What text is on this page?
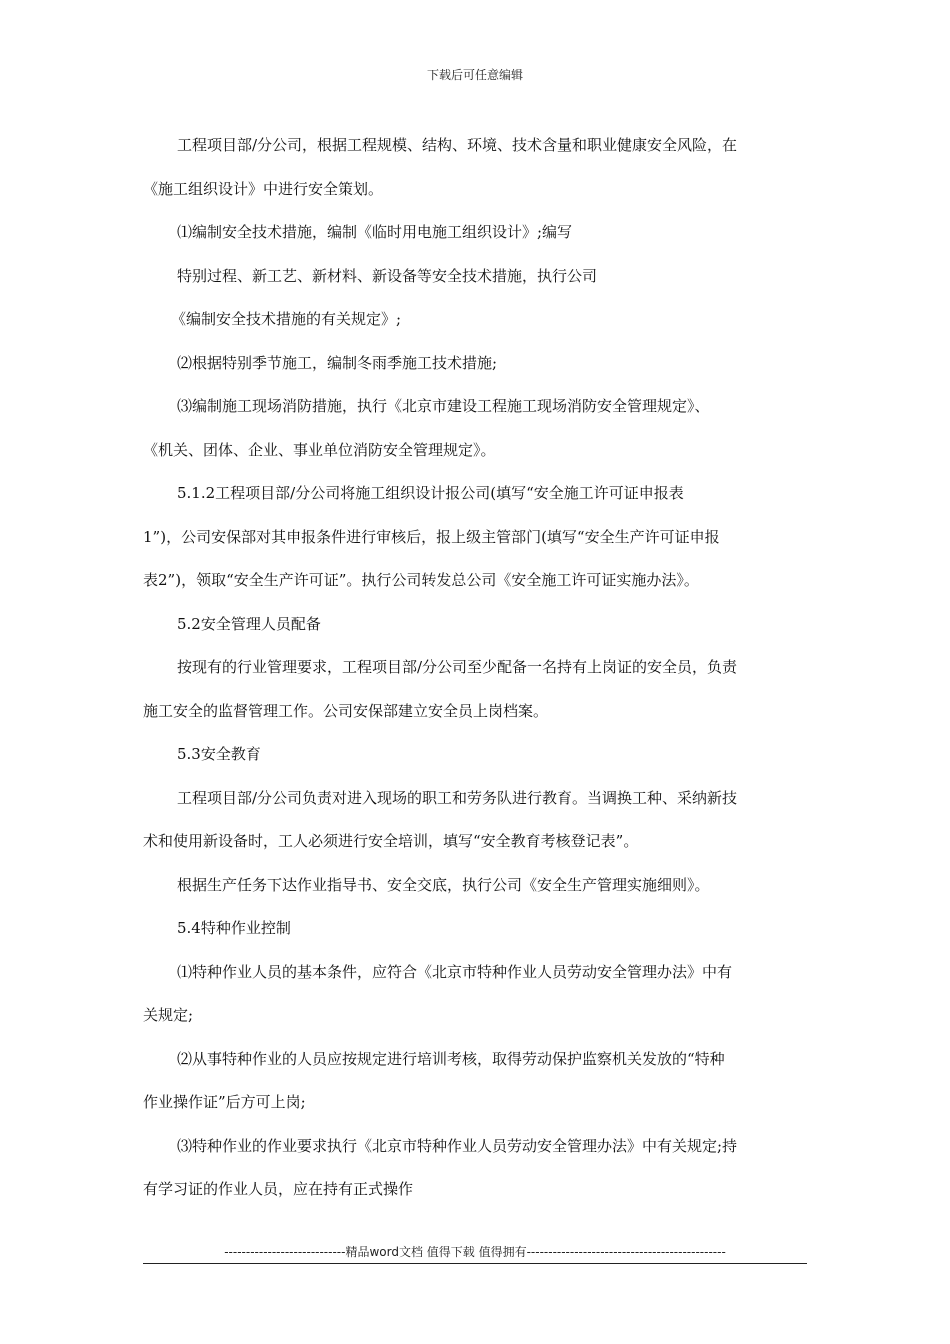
下载后可任意编辑

工程项目部/分公司，根据工程规模、结构、环境、技术含量和职业健康安全风险，在

《施工组织设计》中进行安全策划。

⑴编制安全技术措施，编制《临时用电施工组织设计》;编写

特别过程、新工艺、新材料、新设备等安全技术措施，执行公司

《编制安全技术措施的有关规定》;

⑵根据特别季节施工，编制冬雨季施工技术措施;

⑶编制施工现场消防措施，执行《北京市建设工程施工现场消防安全管理规定》、

《机关、团体、企业、事业单位消防安全管理规定》。

5.1.2工程项目部/分公司将施工组织设计报公司(填写“安全施工许可证申报表

1”)，公司安保部对其申报条件进行审核后，报上级主管部门(填写“安全生产许可证申报

表2”)，领取“安全生产许可证”。执行公司转发总公司《安全施工许可证实施办法》。

5.2安全管理人员配备

按现有的行业管理要求，工程项目部/分公司至少配备一名持有上岗证的安全员，负责

施工安全的监督管理工作。公司安保部建立安全员上岗档案。

5.3安全教育

工程项目部/分公司负责对进入现场的职工和劳务队进行教育。当调换工种、采纳新技

术和使用新设备时，工人必须进行安全培训，填写“安全教育考核登记表”。

根据生产任务下达作业指导书、安全交底，执行公司《安全生产管理实施细则》。

5.4特种作业控制

⑴特种作业人员的基本条件，应符合《北京市特种作业人员劳动安全管理办法》中有

关规定;

⑵从事特种作业的人员应按规定进行培训考核，取得劳动保护监察机关发放的“特种

作业操作证”后方可上岗;

⑶特种作业的作业要求执行《北京市特种作业人员劳动安全管理办法》中有关规定;持

有学习证的作业人员，应在持有正式操作

----------------------------精品word文档 值得下载 值得拥有----------------------------------------------
